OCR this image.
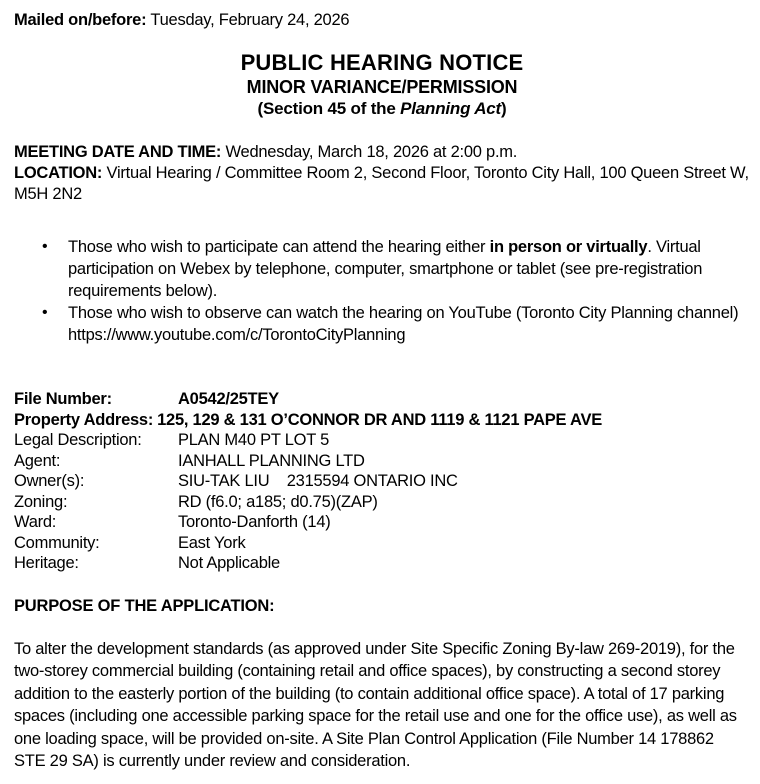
Mailed on/before: Tuesday, February 24, 2026
PUBLIC HEARING NOTICE
MINOR VARIANCE/PERMISSION
(Section 45 of the Planning Act)
MEETING DATE AND TIME: Wednesday, March 18, 2026 at 2:00 p.m.
LOCATION: Virtual Hearing / Committee Room 2, Second Floor, Toronto City Hall, 100 Queen Street W, M5H 2N2
• Those who wish to participate can attend the hearing either in person or virtually. Virtual participation on Webex by telephone, computer, smartphone or tablet (see pre-registration requirements below).
• Those who wish to observe can watch the hearing on YouTube (Toronto City Planning channel) https://www.youtube.com/c/TorontoCityPlanning
File Number:	A0542/25TEY
Property Address: 125, 129 & 131 O’CONNOR DR AND 1119 & 1121 PAPE AVE
Legal Description:	PLAN M40 PT LOT 5
Agent:	IANHALL PLANNING LTD
Owner(s):	SIU-TAK LIU    2315594 ONTARIO INC
Zoning:	RD (f6.0; a185; d0.75)(ZAP)
Ward:	Toronto-Danforth (14)
Community:	East York
Heritage:	Not Applicable
PURPOSE OF THE APPLICATION:
To alter the development standards (as approved under Site Specific Zoning By-law 269-2019), for the two-storey commercial building (containing retail and office spaces), by constructing a second storey addition to the easterly portion of the building (to contain additional office space). A total of 17 parking spaces (including one accessible parking space for the retail use and one for the office use), as well as one loading space, will be provided on-site. A Site Plan Control Application (File Number 14 178862 STE 29 SA) is currently under review and consideration.
